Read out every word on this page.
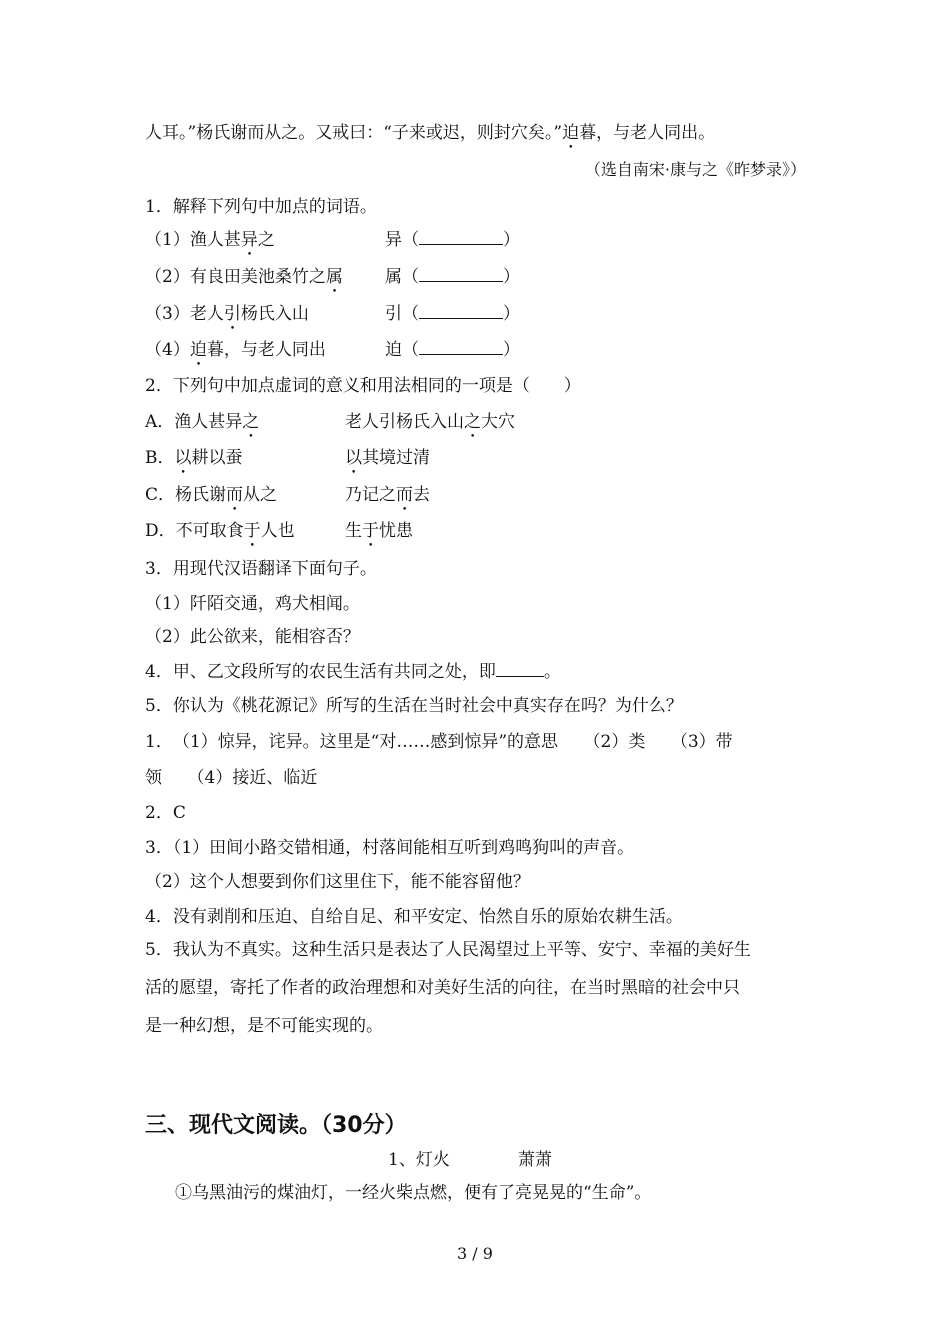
人耳。”杨氏谢而从之。又戒曰：“子来或迟，则封穴矣。”迫暮，与老人同出。
（选自南宋·康与之《昨梦录》）
1．解释下列句中加点的词语。
（1）渔人甚异之	异（	）
（2）有良田美池桑竹之属 属（	）
（3）老人引杨氏入山	引（	）
（4）迫暮，与老人同出	迫（	）
2．下列句中加点虚词的意义和用法相同的一项是（　　）
A．渔人甚异之	老人引杨氏入山之大穴
B．以耕以蚕	以其境过清
C．杨氏谢而从之	乃记之而去
D．不可取食于人也	生于忧患
3．用现代汉语翻译下面句子。
（1）阡陌交通，鸡犬相闻。
（2）此公欲来，能相容否？
4．甲、乙文段所写的农民生活有共同之处，即	。
5．你认为《桃花源记》所写的生活在当时社会中真实存在吗？为什么？
1．　（1）惊异，诧异。这里是“对……感到惊异”的意思　　（2）类　　（3）带
领　　（4）接近、临近
2．C
3．（1）田间小路交错相通，村落间能相互听到鸡鸣狗叫的声音。
（2）这个人想要到你们这里住下，能不能容留他？
4．没有剥削和压迫、自给自足、和平安定、怡然自乐的原始农耕生活。
5．我认为不真实。这种生活只是表达了人民渴望过上平等、安宁、幸福的美好生
活的愿望，寄托了作者的政治理想和对美好生活的向往，在当时黑暗的社会中只
是一种幻想，是不可能实现的。
三、现代文阅读。（30分）
1、灯火　　　　萧萧
①乌黑油污的煤油灯，一经火柴点燃，便有了亮晃晃的“生命”。
3 / 9
